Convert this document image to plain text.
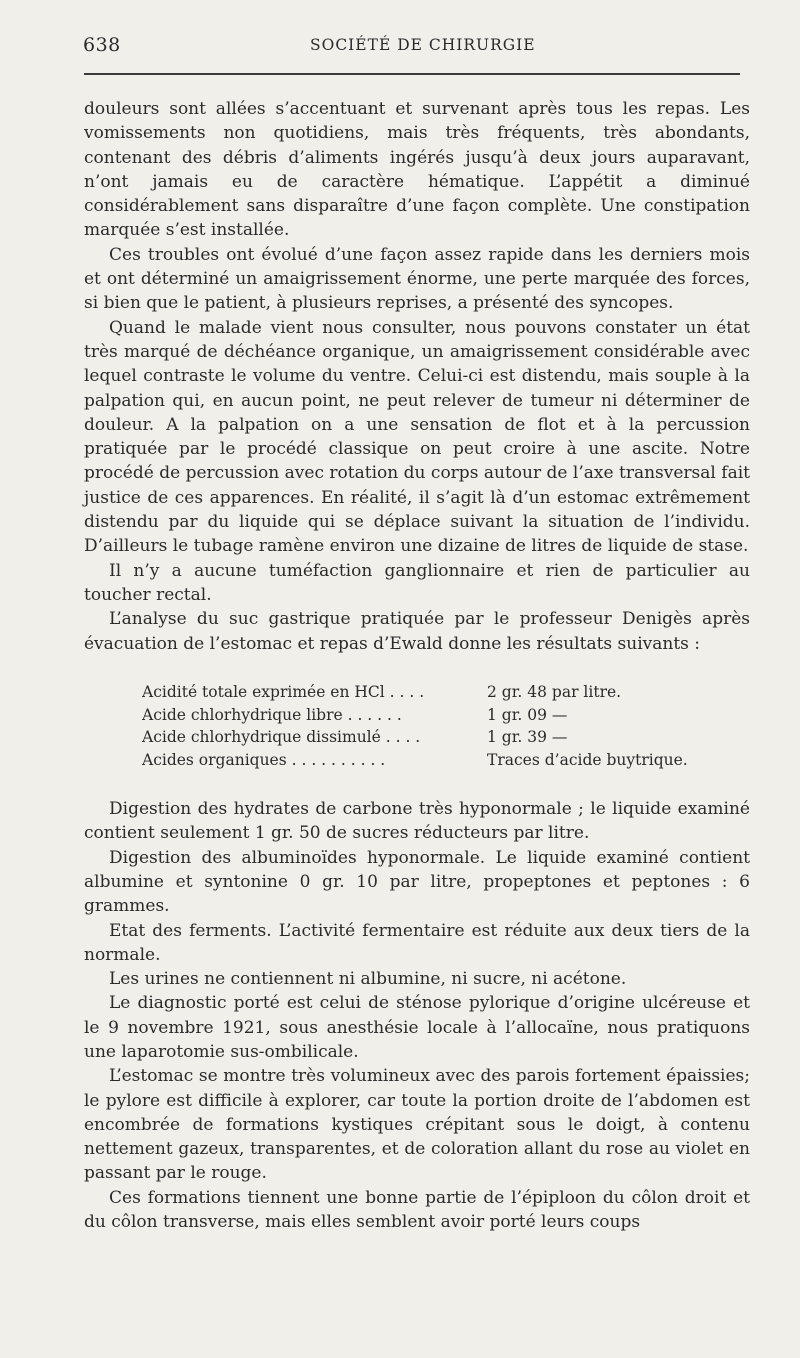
638	SOCIÉTÉ DE CHIRURGIE

douleurs sont allées s’accentuant et survenant après tous les repas. Les vomissements non quotidiens, mais très fréquents, très abondants, contenant des débris d’aliments ingérés jusqu’à deux jours auparavant, n’ont jamais eu de caractère hématique. L’appétit a diminué considérablement sans disparaître d’une façon complète. Une constipation marquée s’est installée.

Ces troubles ont évolué d’une façon assez rapide dans les derniers mois et ont déterminé un amaigrissement énorme, une perte marquée des forces, si bien que le patient, à plusieurs reprises, a présenté des syncopes.

Quand le malade vient nous consulter, nous pouvons constater un état très marqué de déchéance organique, un amaigrissement considérable avec lequel contraste le volume du ventre. Celui-ci est distendu, mais souple à la palpation qui, en aucun point, ne peut relever de tumeur ni déterminer de douleur. A la palpation on a une sensation de flot et à la percussion pratiquée par le procédé classique on peut croire à une ascite. Notre procédé de percussion avec rotation du corps autour de l’axe transversal fait justice de ces apparences. En réalité, il s’agit là d’un estomac extrêmement distendu par du liquide qui se déplace suivant la situation de l’individu. D’ailleurs le tubage ramène environ une dizaine de litres de liquide de stase.

Il n’y a aucune tuméfaction ganglionnaire et rien de particulier au toucher rectal.

L’analyse du suc gastrique pratiquée par le professeur Denigès après évacuation de l’estomac et repas d’Ewald donne les résultats suivants :

Acidité totale exprimée en HCl . . . .	2 gr. 48 par litre.
Acide chlorhydrique libre . . . . . .	1 gr. 09 —
Acide chlorhydrique dissimulé . . . .	1 gr. 39 —
Acides organiques . . . . . . . . . .	Traces d’acide buytrique.

Digestion des hydrates de carbone très hyponormale ; le liquide examiné contient seulement 1 gr. 50 de sucres réducteurs par litre.

Digestion des albuminoïdes hyponormale. Le liquide examiné contient albumine et syntonine 0 gr. 10 par litre, propeptones et peptones : 6 grammes.

Etat des ferments. L’activité fermentaire est réduite aux deux tiers de la normale.

Les urines ne contiennent ni albumine, ni sucre, ni acétone.

Le diagnostic porté est celui de sténose pylorique d’origine ulcéreuse et le 9 novembre 1921, sous anesthésie locale à l’allocaïne, nous pratiquons une laparotomie sus-ombilicale.

L’estomac se montre très volumineux avec des parois fortement épaissies; le pylore est difficile à explorer, car toute la portion droite de l’abdomen est encombrée de formations kystiques crépitant sous le doigt, à contenu nettement gazeux, transparentes, et de coloration allant du rose au violet en passant par le rouge.

Ces formations tiennent une bonne partie de l’épiploon du côlon droit et du côlon transverse, mais elles semblent avoir porté leurs coups
